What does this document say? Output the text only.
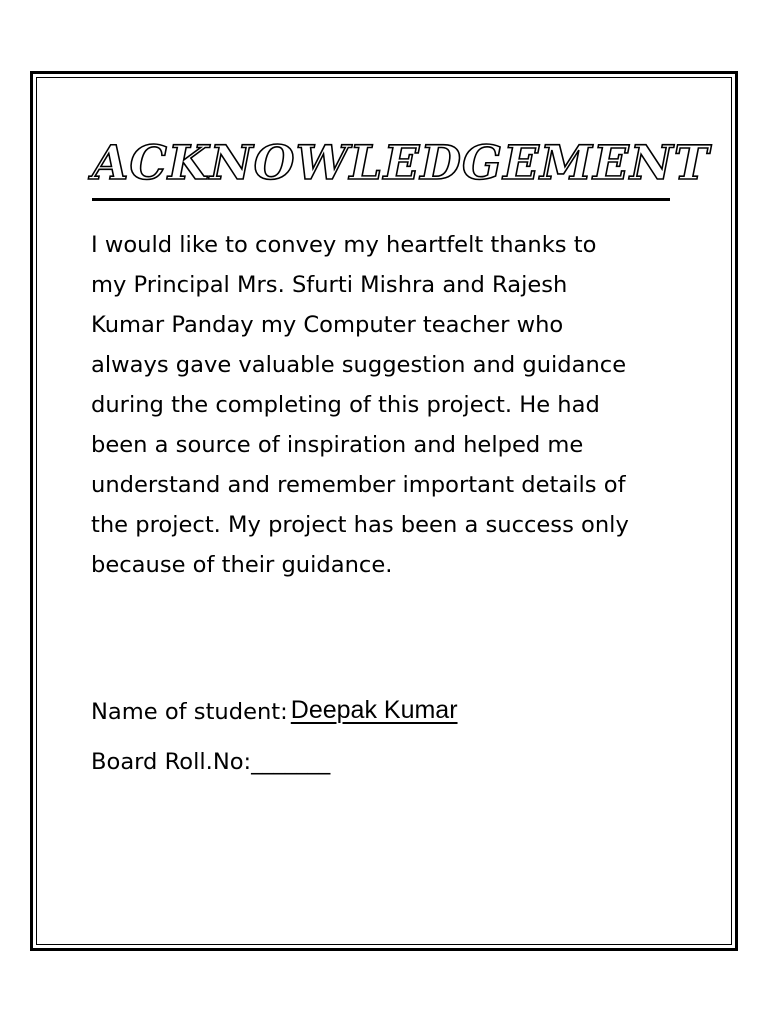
ACKNOWLEDGEMENT

I would like to convey my heartfelt thanks to
my Principal Mrs. Sfurti Mishra and Rajesh
Kumar Panday my Computer teacher who
always gave valuable suggestion and guidance
during the completing of this project. He had
been a source of inspiration and helped me
understand and remember important details of
the project. My project has been a success only
because of their guidance.

Name of student: Deepak Kumar
Board Roll.No:_______
